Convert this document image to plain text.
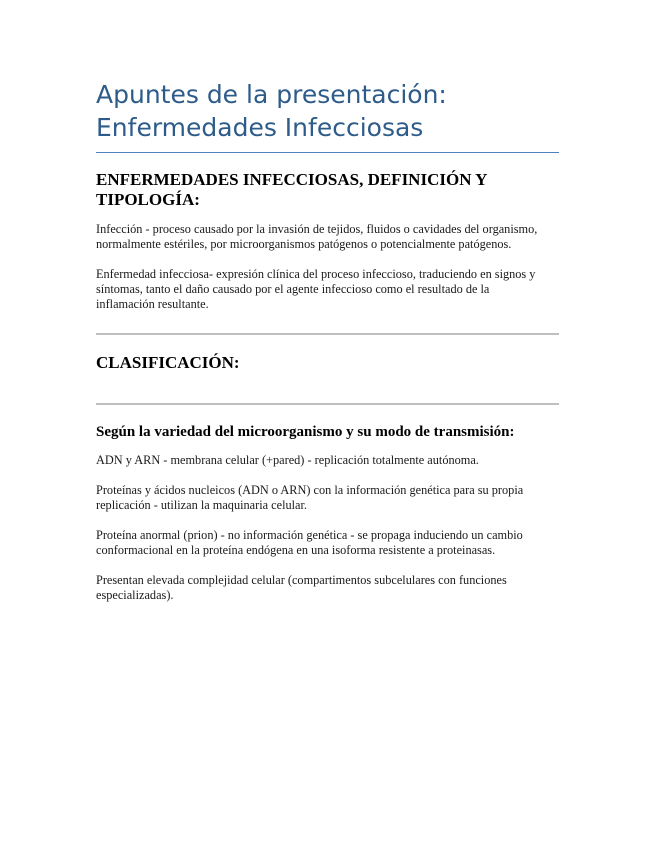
Apuntes de la presentación:

Enfermedades Infecciosas

ENFERMEDADES INFECCIOSAS, DEFINICIÓN Y

TIPOLOGÍA:

Infección - proceso causado por la invasión de tejidos, fluidos o cavidades del organismo,

normalmente estériles, por microorganismos patógenos o potencialmente patógenos.

Enfermedad infecciosa- expresión clínica del proceso infeccioso, traduciendo en signos y

síntomas, tanto el daño causado por el agente infeccioso como el resultado de la

inflamación resultante.

CLASIFICACIÓN:

Según la variedad del microorganismo y su modo de transmisión:

ADN y ARN - membrana celular (+pared) - replicación totalmente autónoma.

Proteínas y ácidos nucleicos (ADN o ARN) con la información genética para su propia

replicación - utilizan la maquinaria celular.

Proteína anormal (prion) - no información genética - se propaga induciendo un cambio

conformacional en la proteína endógena en una isoforma resistente a proteinasas.

Presentan elevada complejidad celular (compartimentos subcelulares con funciones

especializadas).
